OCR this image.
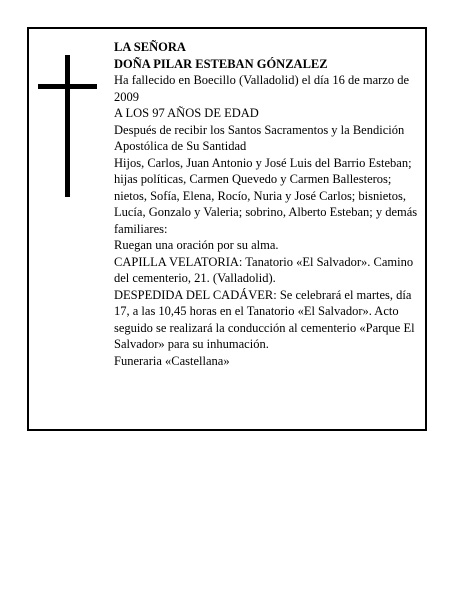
LA SEÑORA

DOÑA PILAR ESTEBAN GÓNZALEZ

Ha fallecido en Boecillo (Valladolid) el día 16 de marzo de 2009

A LOS 97 AÑOS DE EDAD

Después de recibir los Santos Sacramentos y la Bendición Apostólica de Su Santidad

Hijos, Carlos, Juan Antonio y José Luis del Barrio Esteban; hijas políticas, Carmen Quevedo y Carmen Ballesteros; nietos, Sofía, Elena, Rocío, Nuria y José Carlos; bisnietos, Lucía, Gonzalo y Valeria; sobrino, Alberto Esteban; y demás familiares:

Ruegan una oración por su alma.

CAPILLA VELATORIA: Tanatorio «El Salvador». Camino del cementerio, 21. (Valladolid).

DESPEDIDA DEL CADÁVER: Se celebrará el martes, día 17, a las 10,45 horas en el Tanatorio «El Salvador». Acto seguido se realizará la conducción al cementerio «Parque El Salvador» para su inhumación.

Funeraria «Castellana»
